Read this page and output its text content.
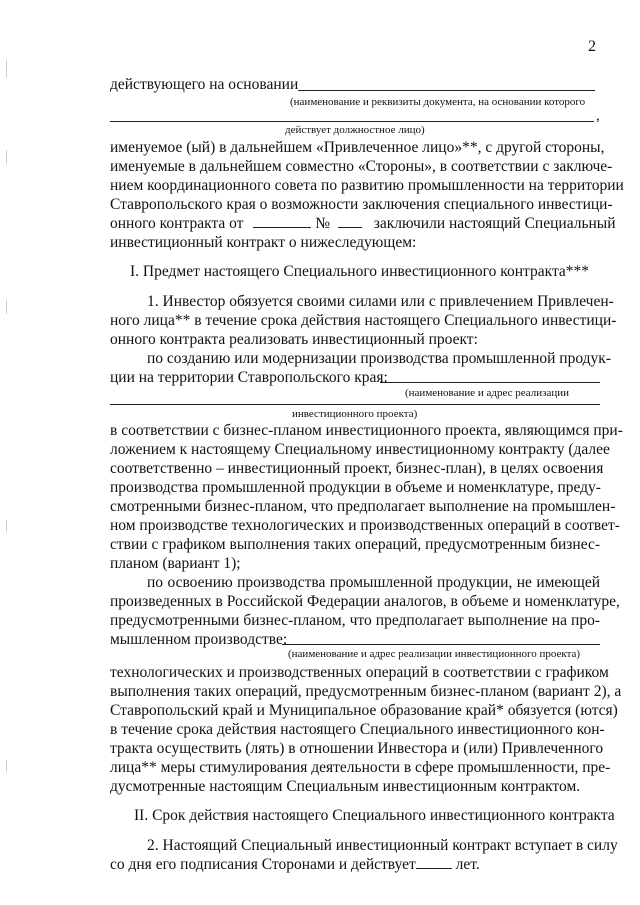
2
действующего на основании
(наименование и реквизиты документа, на основании которого
,
действует должностное лицо)
именуемое (ый) в дальнейшем «Привлеченное лицо»**, с другой стороны,
именуемые в дальнейшем совместно «Стороны», в соответствии с заключе-
нием координационного совета по развитию промышленности на территории
Ставропольского края о возможности заключения специального инвестици-
онного контракта от	№	заключили настоящий Специальный
инвестиционный контракт о нижеследующем:
I. Предмет настоящего Специального инвестиционного контракта***
1. Инвестор обязуется своими силами или с привлечением Привлечен-
ного лица** в течение срока действия настоящего Специального инвестици-
онного контракта реализовать инвестиционный проект:
по созданию или модернизации производства промышленной продук-
ции на территории Ставропольского края:
(наименование и адрес реализации
инвестиционного проекта)
в соответствии с бизнес-планом инвестиционного проекта, являющимся при-
ложением к настоящему Специальному инвестиционному контракту (далее
соответственно – инвестиционный проект, бизнес-план), в целях освоения
производства промышленной продукции в объеме и номенклатуре, преду-
смотренными бизнес-планом, что предполагает выполнение на промышлен-
ном производстве технологических и производственных операций в соответ-
ствии с графиком выполнения таких операций, предусмотренным бизнес-
планом (вариант 1);
по освоению производства промышленной продукции, не имеющей
произведенных в Российской Федерации аналогов, в объеме и номенклатуре,
предусмотренными бизнес-планом, что предполагает выполнение на про-
мышленном производстве:
(наименование и адрес реализации инвестиционного проекта)
технологических и производственных операций в соответствии с графиком
выполнения таких операций, предусмотренным бизнес-планом (вариант 2), а
Ставропольский край и Муниципальное образование край* обязуется (ются)
в течение срока действия настоящего Специального инвестиционного кон-
тракта осуществить (лять) в отношении Инвестора и (или) Привлеченного
лица** меры стимулирования деятельности в сфере промышленности, пре-
дусмотренные настоящим Специальным инвестиционным контрактом.
II. Срок действия настоящего Специального инвестиционного контракта
2. Настоящий Специальный инвестиционный контракт вступает в силу
со дня его подписания Сторонами и действует	лет.
